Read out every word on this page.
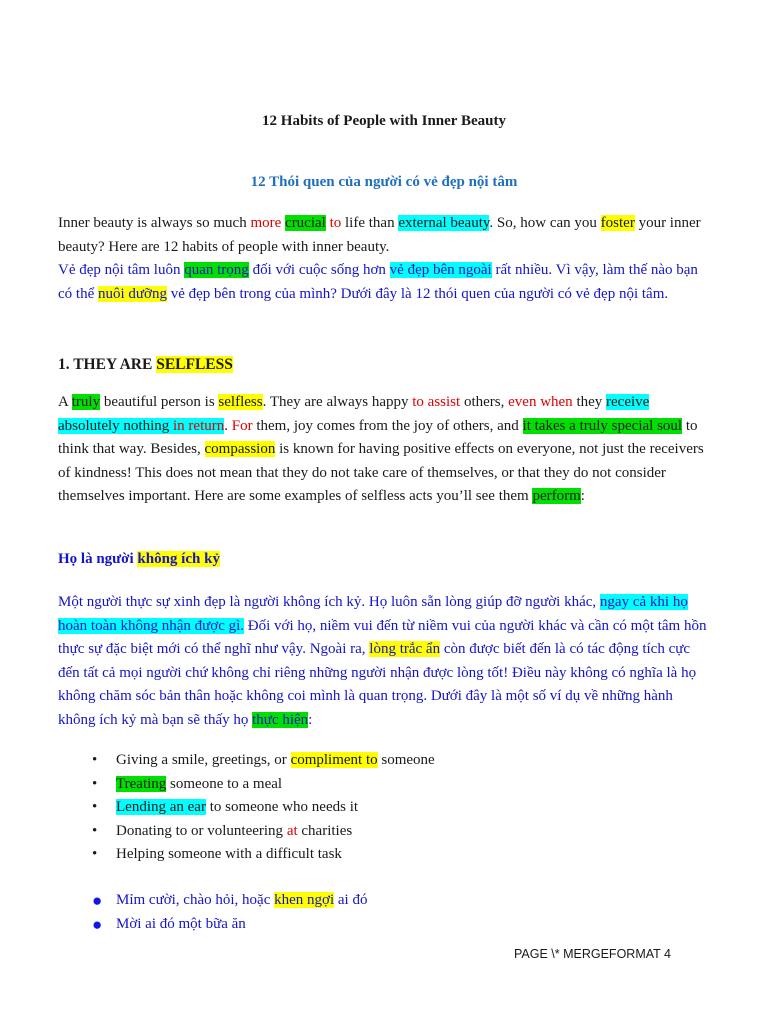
12 Habits of People with Inner Beauty
12 Thói quen của người có vẻ đẹp nội tâm
Inner beauty is always so much more crucial to life than external beauty. So, how can you foster your inner beauty? Here are 12 habits of people with inner beauty.
Vẻ đẹp nội tâm luôn quan trọng đối với cuộc sống hơn vẻ đẹp bên ngoài rất nhiều. Vì vậy, làm thế nào bạn có thể nuôi dưỡng vẻ đẹp bên trong của mình? Dưới đây là 12 thói quen của người có vẻ đẹp nội tâm.
1. THEY ARE SELFLESS
A truly beautiful person is selfless. They are always happy to assist others, even when they receive absolutely nothing in return. For them, joy comes from the joy of others, and it takes a truly special soul to think that way. Besides, compassion is known for having positive effects on everyone, not just the receivers of kindness! This does not mean that they do not take care of themselves, or that they do not consider themselves important. Here are some examples of selfless acts you’ll see them perform:
Họ là người không ích kỷ
Một người thực sự xinh đẹp là người không ích kỷ. Họ luôn sẵn lòng giúp đỡ người khác, ngay cả khi họ hoàn toàn không nhận được gì. Đối với họ, niềm vui đến từ niềm vui của người khác và cần có một tâm hồn thực sự đặc biệt mới có thể nghĩ như vậy. Ngoài ra, lòng trắc ẩn còn được biết đến là có tác động tích cực đến tất cả mọi người chứ không chỉ riêng những người nhận được lòng tốt! Điều này không có nghĩa là họ không chăm sóc bản thân hoặc không coi mình là quan trọng. Dưới đây là một số ví dụ về những hành không ích kỷ mà bạn sẽ thấy họ thực hiện:
• Giving a smile, greetings, or compliment to someone
• Treating someone to a meal
• Lending an ear to someone who needs it
• Donating to or volunteering at charities
• Helping someone with a difficult task
● Mỉm cười, chào hỏi, hoặc khen ngợi ai đó
● Mời ai đó một bữa ăn
PAGE \* MERGEFORMAT 4
